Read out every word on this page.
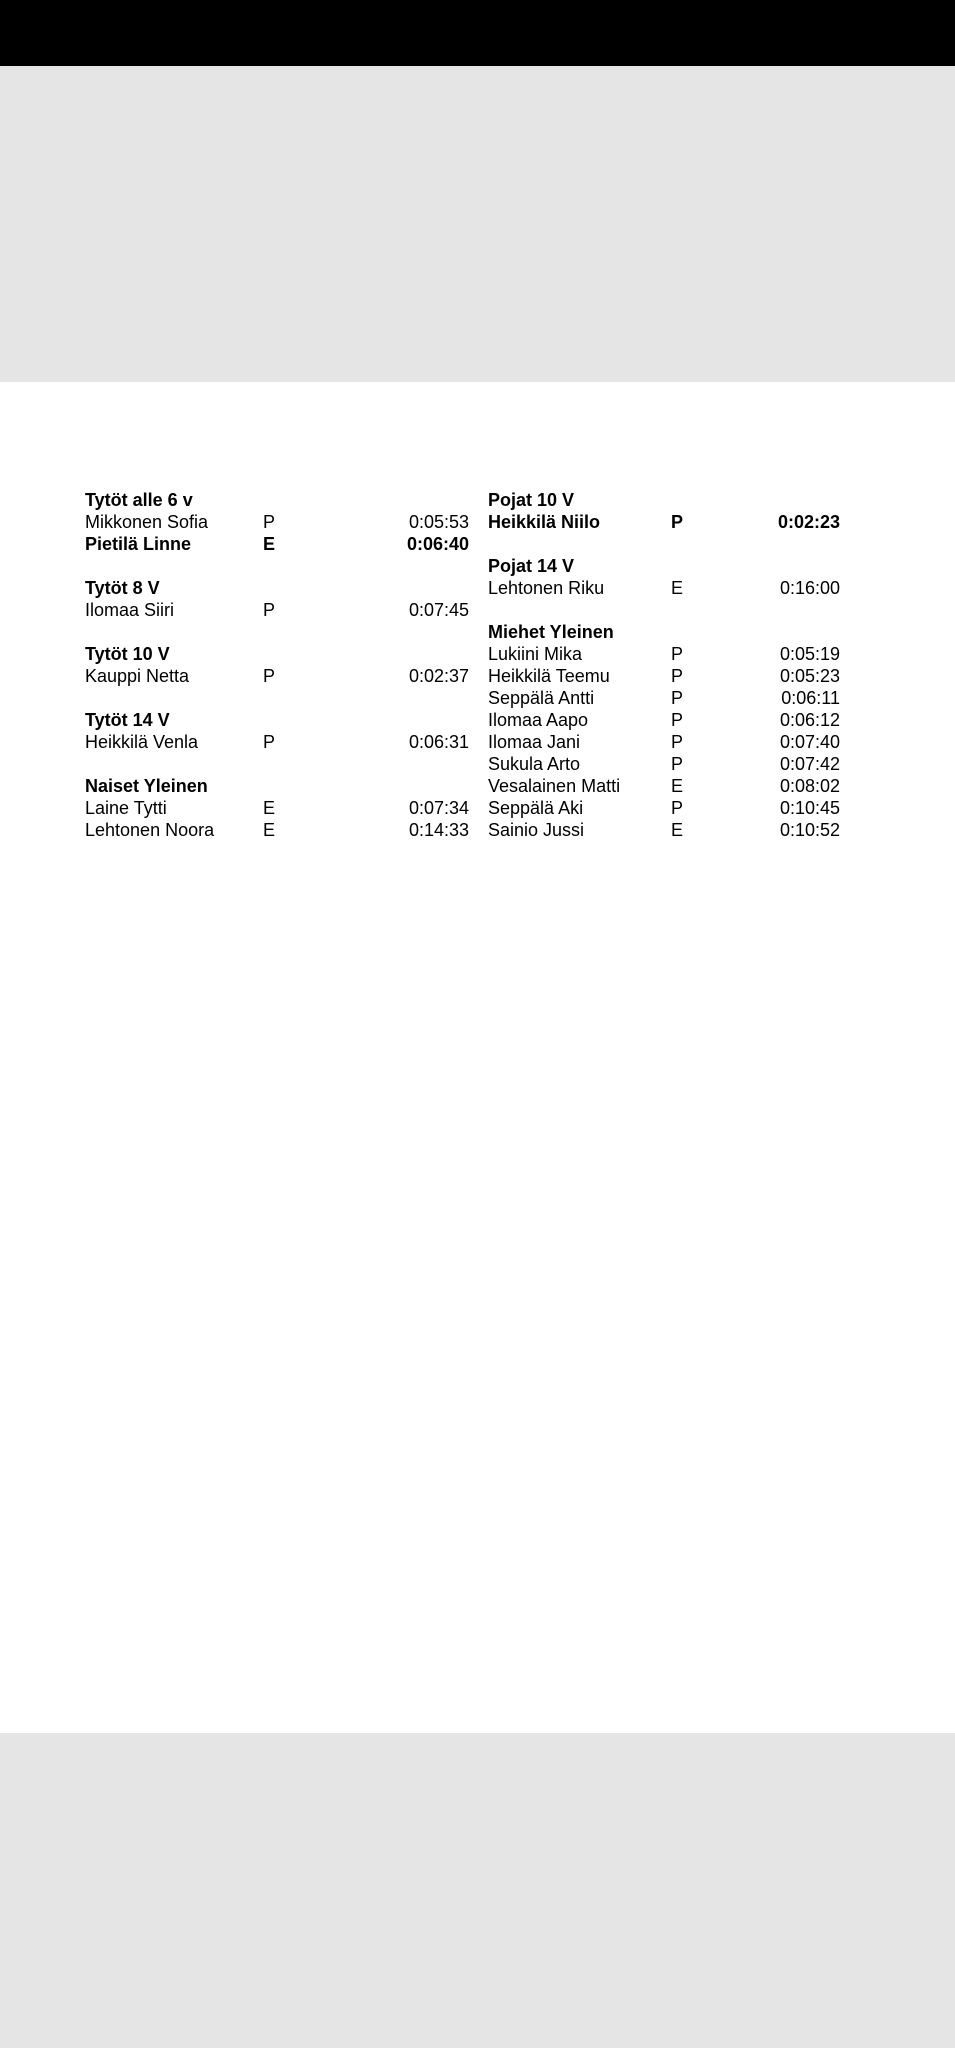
Tytöt alle 6 v
Mikkonen Sofia	P	0:05:53
Pietilä Linne	E	0:06:40
Tytöt 8 V
Ilomaa Siiri	P	0:07:45
Tytöt 10 V
Kauppi Netta	P	0:02:37
Tytöt 14 V
Heikkilä Venla	P	0:06:31
Naiset Yleinen
Laine Tytti	E	0:07:34
Lehtonen Noora	E	0:14:33
Pojat 10 V
Heikkilä Niilo	P	0:02:23
Pojat 14 V
Lehtonen Riku	E	0:16:00
Miehet Yleinen
Lukiini Mika	P	0:05:19
Heikkilä Teemu	P	0:05:23
Seppälä Antti	P	0:06:11
Ilomaa Aapo	P	0:06:12
Ilomaa Jani	P	0:07:40
Sukula Arto	P	0:07:42
Vesalainen Matti	E	0:08:02
Seppälä Aki	P	0:10:45
Sainio Jussi	E	0:10:52
